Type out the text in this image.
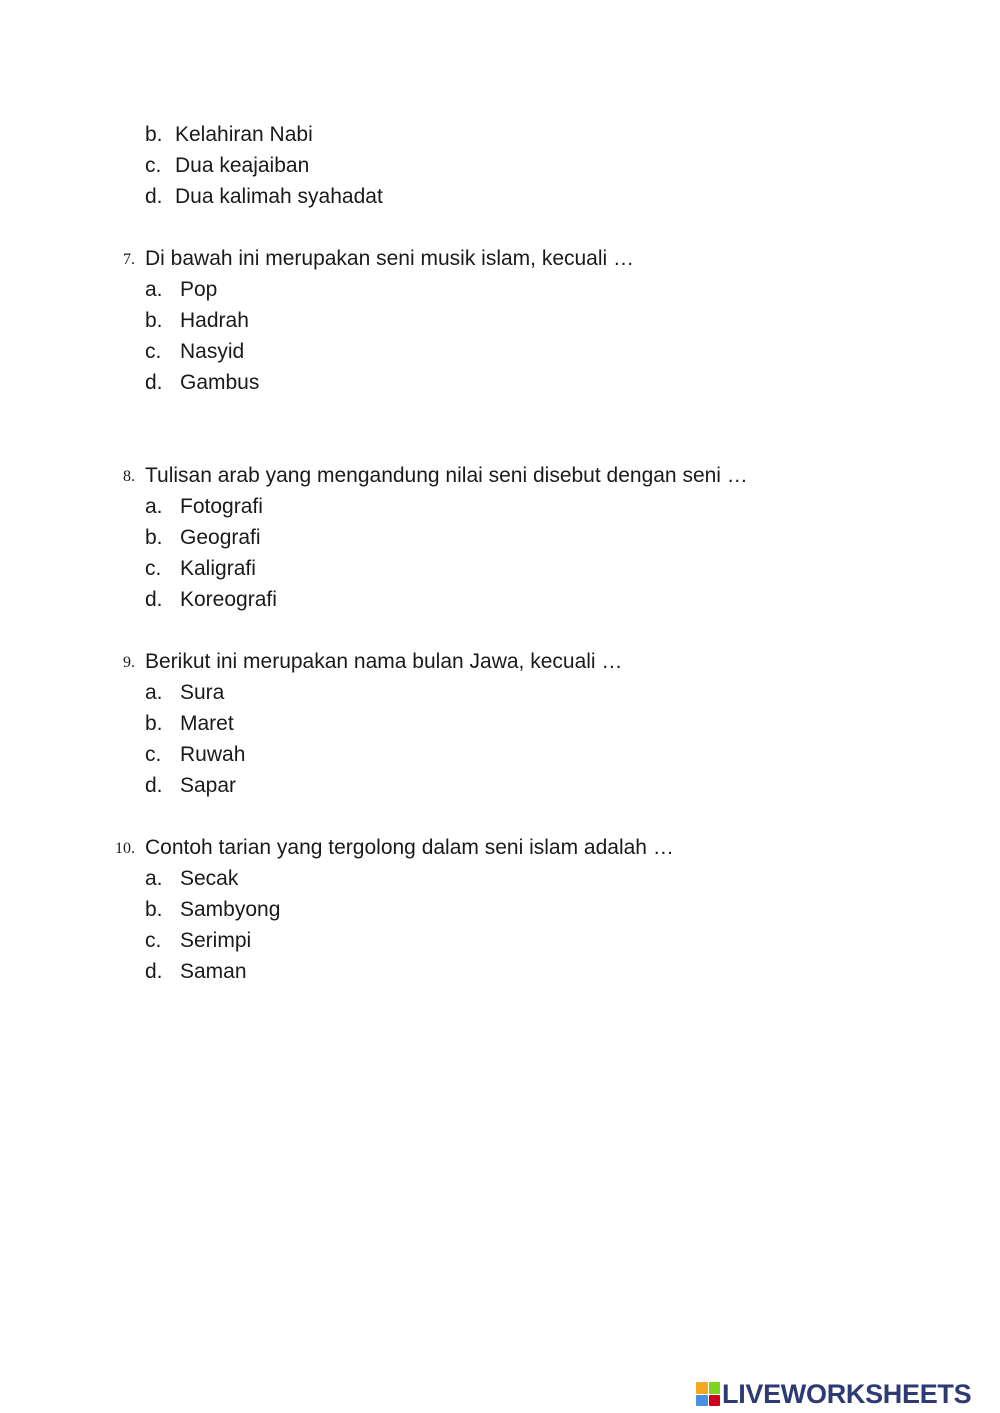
b. Kelahiran Nabi
c. Dua keajaiban
d. Dua kalimah syahadat
7. Di bawah ini merupakan seni musik islam, kecuali …
a. Pop
b. Hadrah
c. Nasyid
d. Gambus
8. Tulisan arab yang mengandung nilai seni disebut dengan seni …
a. Fotografi
b. Geografi
c. Kaligrafi
d. Koreografi
9. Berikut ini merupakan nama bulan Jawa, kecuali …
a. Sura
b. Maret
c. Ruwah
d. Sapar
10. Contoh tarian yang tergolong dalam seni islam adalah …
a. Secak
b. Sambyong
c. Serimpi
d. Saman
LIVEWORKSHEETS
